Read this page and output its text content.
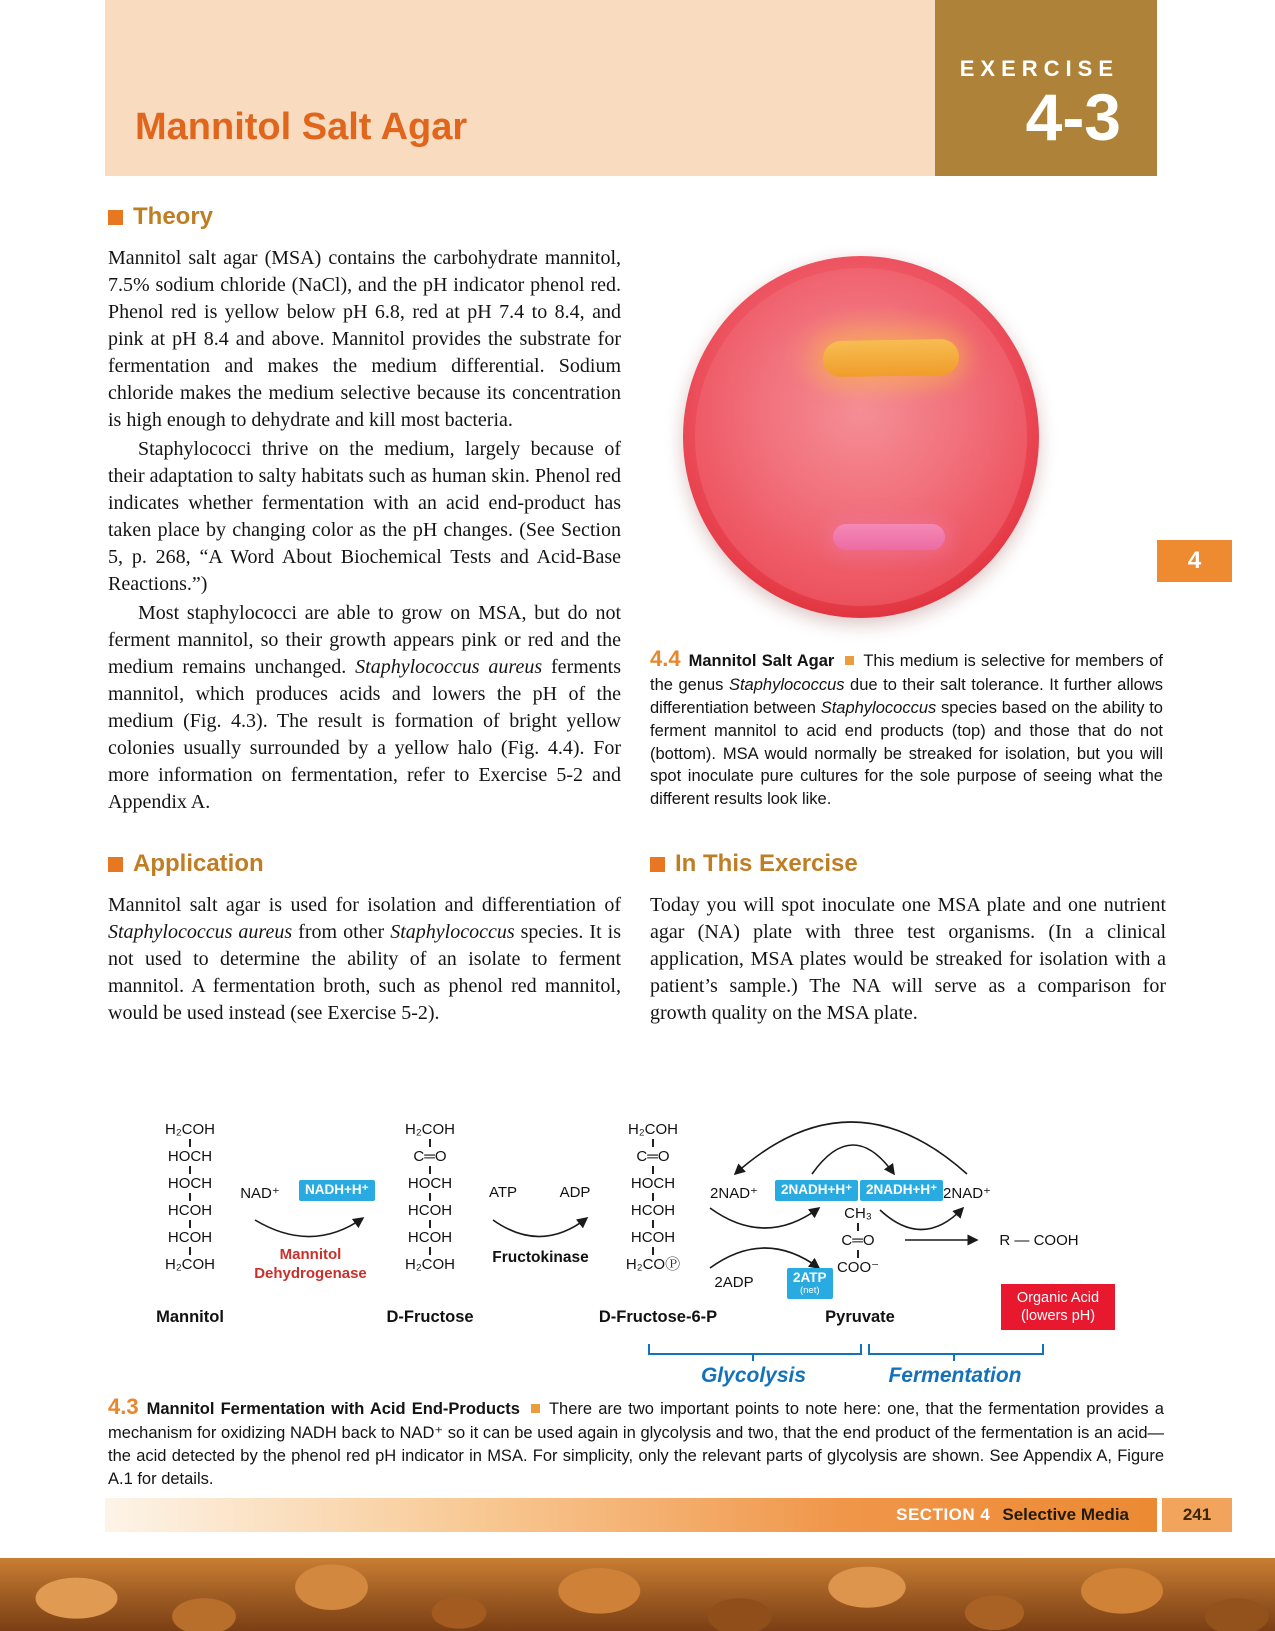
Mannitol Salt Agar
EXERCISE
4-3
Theory

Mannitol salt agar (MSA) contains the carbohydrate mannitol, 7.5% sodium chloride (NaCl), and the pH indicator phenol red. Phenol red is yellow below pH 6.8, red at pH 7.4 to 8.4, and pink at pH 8.4 and above. Mannitol provides the substrate for fermentation and makes the medium differential. Sodium chloride makes the medium selective because its concentration is high enough to dehydrate and kill most bacteria.

Staphylococci thrive on the medium, largely because of their adaptation to salty habitats such as human skin. Phenol red indicates whether fermentation with an acid end-product has taken place by changing color as the pH changes. (See Section 5, p. 268, “A Word About Biochemical Tests and Acid-Base Reactions.”)

Most staphylococci are able to grow on MSA, but do not ferment mannitol, so their growth appears pink or red and the medium remains unchanged. Staphylococcus aureus ferments mannitol, which produces acids and lowers the pH of the medium (Fig. 4.3). The result is formation of bright yellow colonies usually surrounded by a yellow halo (Fig. 4.4). For more information on fermentation, refer to Exercise 5-2 and Appendix A.

Application

Mannitol salt agar is used for isolation and differentiation of Staphylococcus aureus from other Staphylococcus species. It is not used to determine the ability of an isolate to ferment mannitol. A fermentation broth, such as phenol red mannitol, would be used instead (see Exercise 5-2).

4.4 Mannitol Salt Agar This medium is selective for members of the genus Staphylococcus due to their salt tolerance. It further allows differentiation between Staphylococcus species based on the ability to ferment mannitol to acid end products (top) and those that do not (bottom). MSA would normally be streaked for isolation, but you will spot inoculate pure cultures for the sole purpose of seeing what the different results look like.
In This Exercise

Today you will spot inoculate one MSA plate and one nutrient agar (NA) plate with three test organisms. (In a clinical application, MSA plates would be streaked for isolation with a patient’s sample.) The NA will serve as a comparison for growth quality on the MSA plate.

H₂COH
HOCH
HOCH
HCOH
HCOH
H₂COH
Mannitol
H₂COH
C═O
HOCH
HCOH
HCOH
H₂COH
D-Fructose
H₂COH
C═O
HOCH
HCOH
HCOH
H₂COⓅ
D-Fructose-6-P
CH₃
C═O
COO⁻
Pyruvate
NAD⁺	NADH+H⁺
Mannitol
Dehydrogenase
ATP	ADP
Fructokinase
2NAD⁺	2NADH+H⁺	2NADH+H⁺ 2NAD⁺
2ADP	2ATP
(net)
R — COOH
Organic Acid
(lowers pH)
Glycolysis	Fermentation
4.3 Mannitol Fermentation with Acid End-Products There are two important points to note here: one, that the fermentation provides a mechanism for oxidizing NADH back to NAD⁺ so it can be used again in glycolysis and two, that the end product of the fermentation is an acid—the acid detected by the phenol red pH indicator in MSA. For simplicity, only the relevant parts of glycolysis are shown. See Appendix A, Figure A.1 for details.
4
SECTION 4 Selective Media	241
